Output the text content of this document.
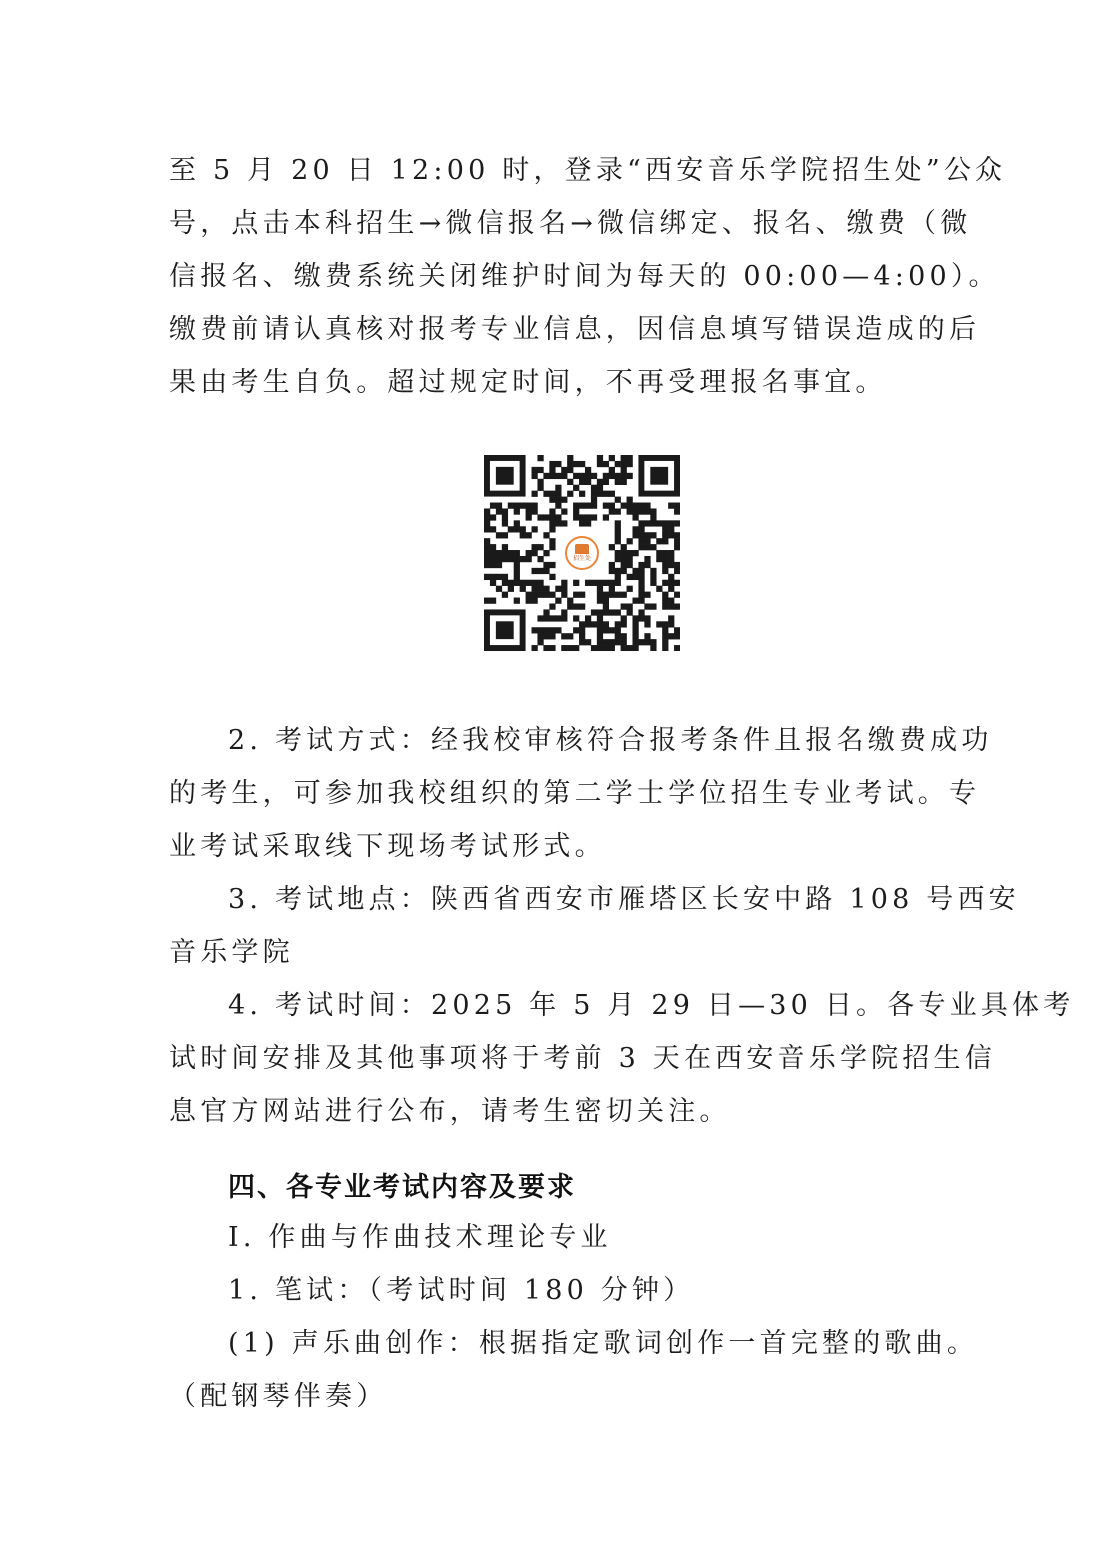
至 5 月 20 日 12:00 时，登录“西安音乐学院招生处”公众

号，点击本科招生→微信报名→微信绑定、报名、缴费（微

信报名、缴费系统关闭维护时间为每天的 00:00—4:00）。

缴费前请认真核对报考专业信息，因信息填写错误造成的后

果由考生自负。超过规定时间，不再受理报名事宜。

招生处

2. 考试方式：经我校审核符合报考条件且报名缴费成功

的考生，可参加我校组织的第二学士学位招生专业考试。专

业考试采取线下现场考试形式。

3. 考试地点：陕西省西安市雁塔区长安中路 108 号西安

音乐学院

4. 考试时间：2025 年 5 月 29 日—30 日。各专业具体考

试时间安排及其他事项将于考前 3 天在西安音乐学院招生信

息官方网站进行公布，请考生密切关注。

四、各专业考试内容及要求

Ⅰ. 作曲与作曲技术理论专业

1. 笔试：（考试时间 180 分钟）

(1) 声乐曲创作：根据指定歌词创作一首完整的歌曲。

（配钢琴伴奏）
